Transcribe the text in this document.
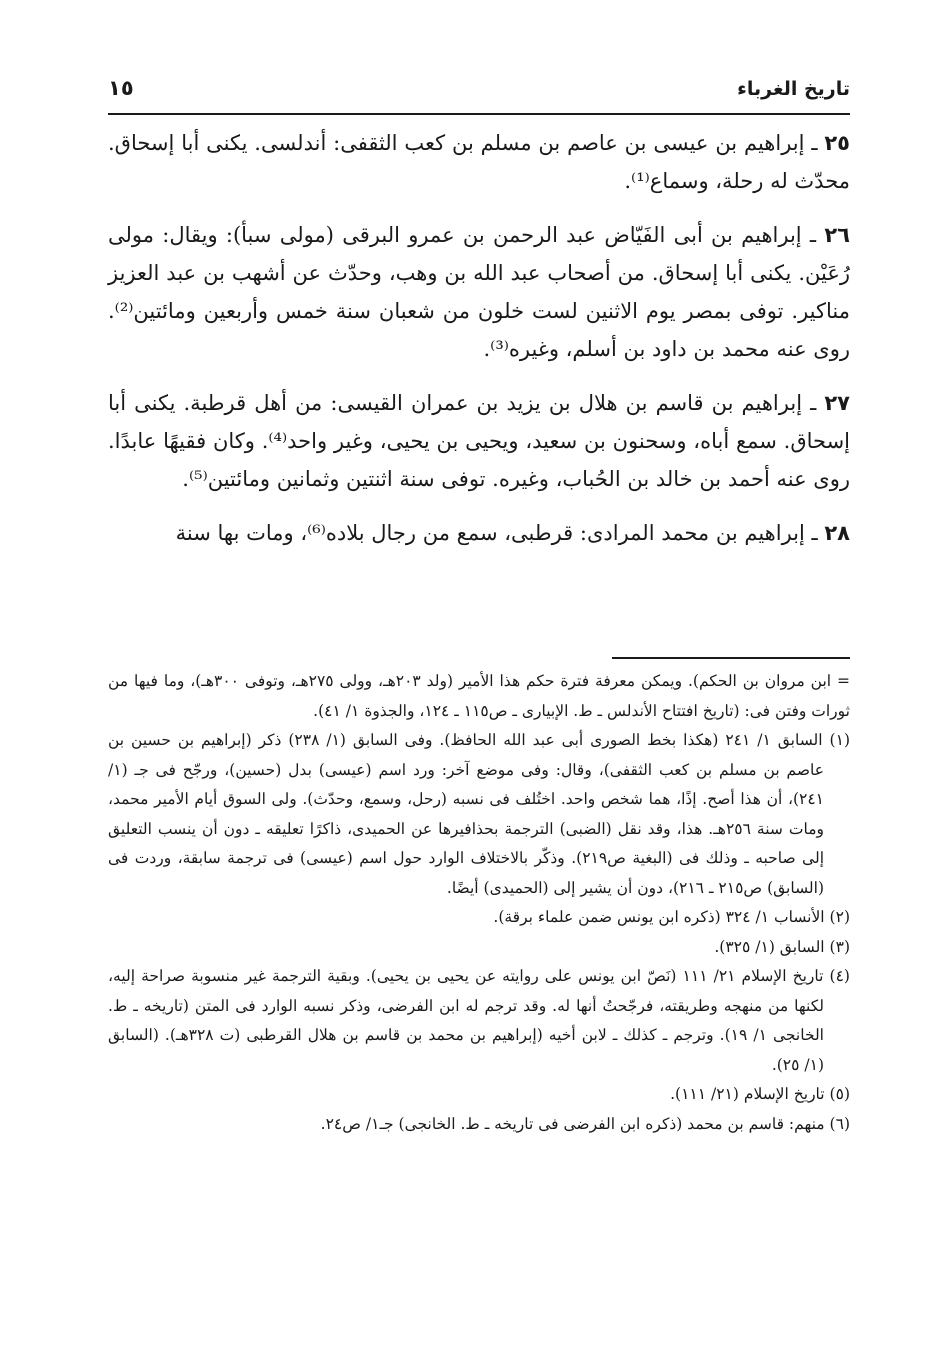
تاريخ الغرباء
١٥

٢٥ ـ إبراهيم بن عيسى بن عاصم بن مسلم بن كعب الثقفى: أندلسى. يكنى أبا إسحاق. محدّث له رحلة، وسماع⁽¹⁾.

٢٦ ـ إبراهيم بن أبى الفَيّاض عبد الرحمن بن عمرو البرقى (مولى سبأ): ويقال: مولى رُعَيْن. يكنى أبا إسحاق. من أصحاب عبد الله بن وهب، وحدّث عن أشهب بن عبد العزيز مناكير. توفى بمصر يوم الاثنين لست خلون من شعبان سنة خمس وأربعين ومائتين⁽²⁾. روى عنه محمد بن داود بن أسلم، وغيره⁽³⁾.

٢٧ ـ إبراهيم بن قاسم بن هلال بن يزيد بن عمران القيسى: من أهل قرطبة. يكنى أبا إسحاق. سمع أباه، وسحنون بن سعيد، ويحيى بن يحيى، وغير واحد⁽⁴⁾. وكان فقيهًا عابدًا. روى عنه أحمد بن خالد بن الحُباب، وغيره. توفى سنة اثنتين وثمانين ومائتين⁽⁵⁾.

٢٨ ـ إبراهيم بن محمد المرادى: قرطبى، سمع من رجال بلاده⁽⁶⁾، ومات بها سنة

= ابن مروان بن الحكم). ويمكن معرفة فترة حكم هذا الأمير (ولد ٢٠٣هـ، وولى ٢٧٥هـ، وتوفى ٣٠٠هـ)، وما فيها من ثورات وفتن فى: (تاريخ افتتاح الأندلس ـ ط. الإبيارى ـ ص١١٥ ـ ١٢٤، والجذوة ١/ ٤١).

(١) السابق ١/ ٢٤١ (هكذا بخط الصورى أبى عبد الله الحافظ). وفى السابق (١/ ٢٣٨) ذكر (إبراهيم بن حسين بن عاصم بن مسلم بن كعب الثقفى)، وقال: وفى موضع آخر: ورد اسم (عيسى) بدل (حسين)، ورجّح فى جـ (١/ ٢٤١)، أن هذا أصح. إذًا، هما شخص واحد. اختُلف فى نسبه (رحل، وسمع، وحدّث). ولى السوق أيام الأمير محمد، ومات سنة ٢٥٦هـ. هذا، وقد نقل (الضبى) الترجمة بحذافيرها عن الحميدى، ذاكرًا تعليقه ـ دون أن ينسب التعليق إلى صاحبه ـ وذلك فى (البغية ص٢١٩). وذكّر بالاختلاف الوارد حول اسم (عيسى) فى ترجمة سابقة، وردت فى (السابق) ص٢١٥ ـ ٢١٦)، دون أن يشير إلى (الحميدى) أيضًا.

(٢) الأنساب ١/ ٣٢٤ (ذكره ابن يونس ضمن علماء برقة).

(٣) السابق (١/ ٣٢٥).

(٤) تاريخ الإسلام ٢١/ ١١١ (نَصّ ابن يونس على روايته عن يحيى بن يحيى). وبقية الترجمة غير منسوبة صراحة إليه، لكنها من منهجه وطريقته، فرجّحتُ أنها له. وقد ترجم له ابن الفرضى، وذكر نسبه الوارد فى المتن (تاريخه ـ ط. الخانجى ١/ ١٩). وترجم ـ كذلك ـ لابن أخيه (إبراهيم بن محمد بن قاسم بن هلال القرطبى (ت ٣٢٨هـ). (السابق (١/ ٢٥).

(٥) تاريخ الإسلام (٢١/ ١١١).

(٦) منهم: قاسم بن محمد (ذكره ابن الفرضى فى تاريخه ـ ط. الخانجى) جـ١/ ص٢٤.
